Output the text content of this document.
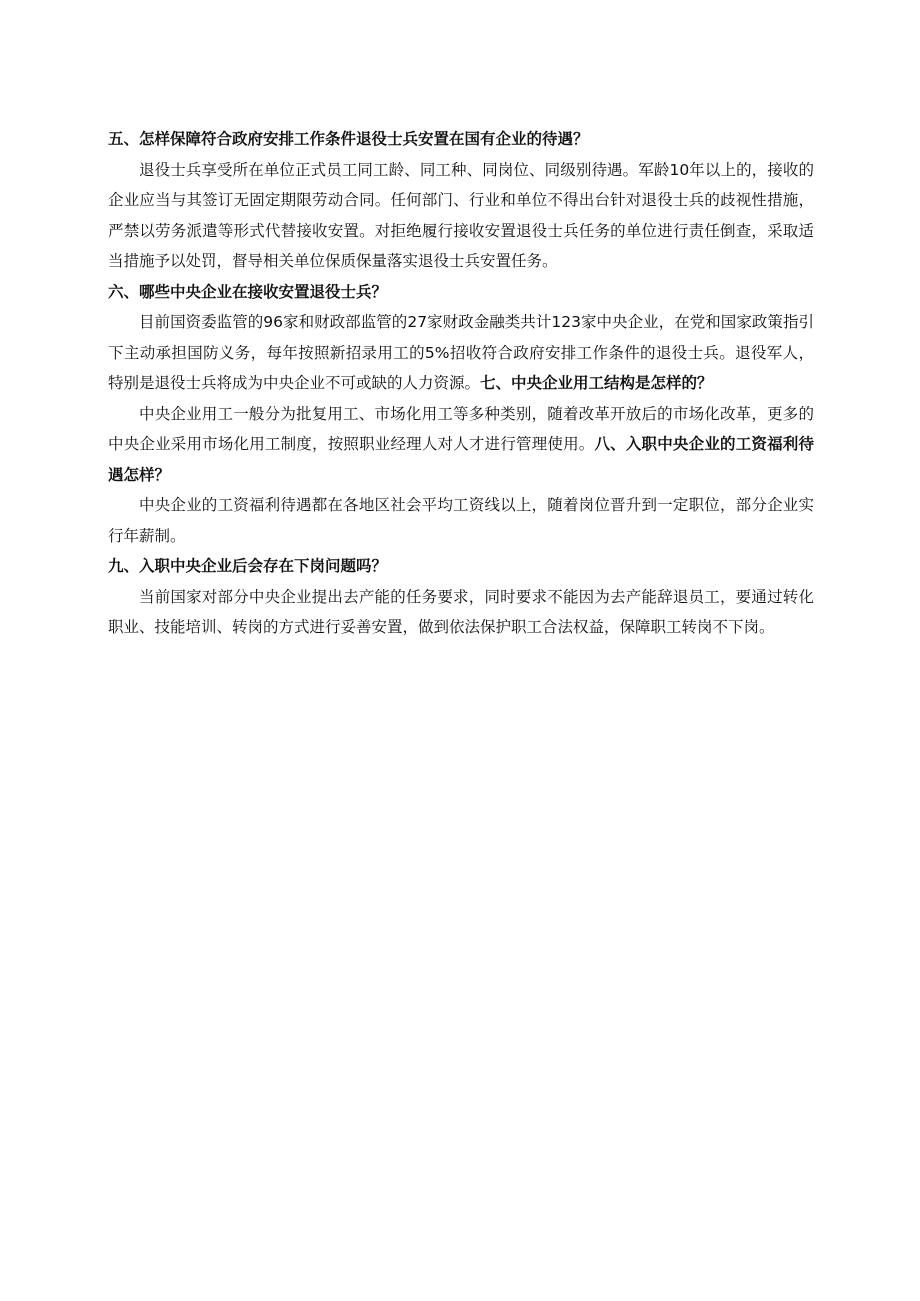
五、怎样保障符合政府安排工作条件退役士兵安置在国有企业的待遇？

退役士兵享受所在单位正式员工同工龄、同工种、同岗位、同级别待遇。军龄10年以上的，接收的企业应当与其签订无固定期限劳动合同。任何部门、行业和单位不得出台针对退役士兵的歧视性措施，严禁以劳务派遣等形式代替接收安置。对拒绝履行接收安置退役士兵任务的单位进行责任倒查，采取适当措施予以处罚，督导相关单位保质保量落实退役士兵安置任务。

六、哪些中央企业在接收安置退役士兵？

目前国资委监管的96家和财政部监管的27家财政金融类共计123家中央企业，在党和国家政策指引下主动承担国防义务，每年按照新招录用工的5%招收符合政府安排工作条件的退役士兵。退役军人，特别是退役士兵将成为中央企业不可或缺的人力资源。七、中央企业用工结构是怎样的？

中央企业用工一般分为批复用工、市场化用工等多种类别，随着改革开放后的市场化改革，更多的中央企业采用市场化用工制度，按照职业经理人对人才进行管理使用。八、入职中央企业的工资福利待遇怎样？

中央企业的工资福利待遇都在各地区社会平均工资线以上，随着岗位晋升到一定职位，部分企业实行年薪制。

九、入职中央企业后会存在下岗问题吗？

当前国家对部分中央企业提出去产能的任务要求，同时要求不能因为去产能辞退员工，要通过转化职业、技能培训、转岗的方式进行妥善安置，做到依法保护职工合法权益，保障职工转岗不下岗。
